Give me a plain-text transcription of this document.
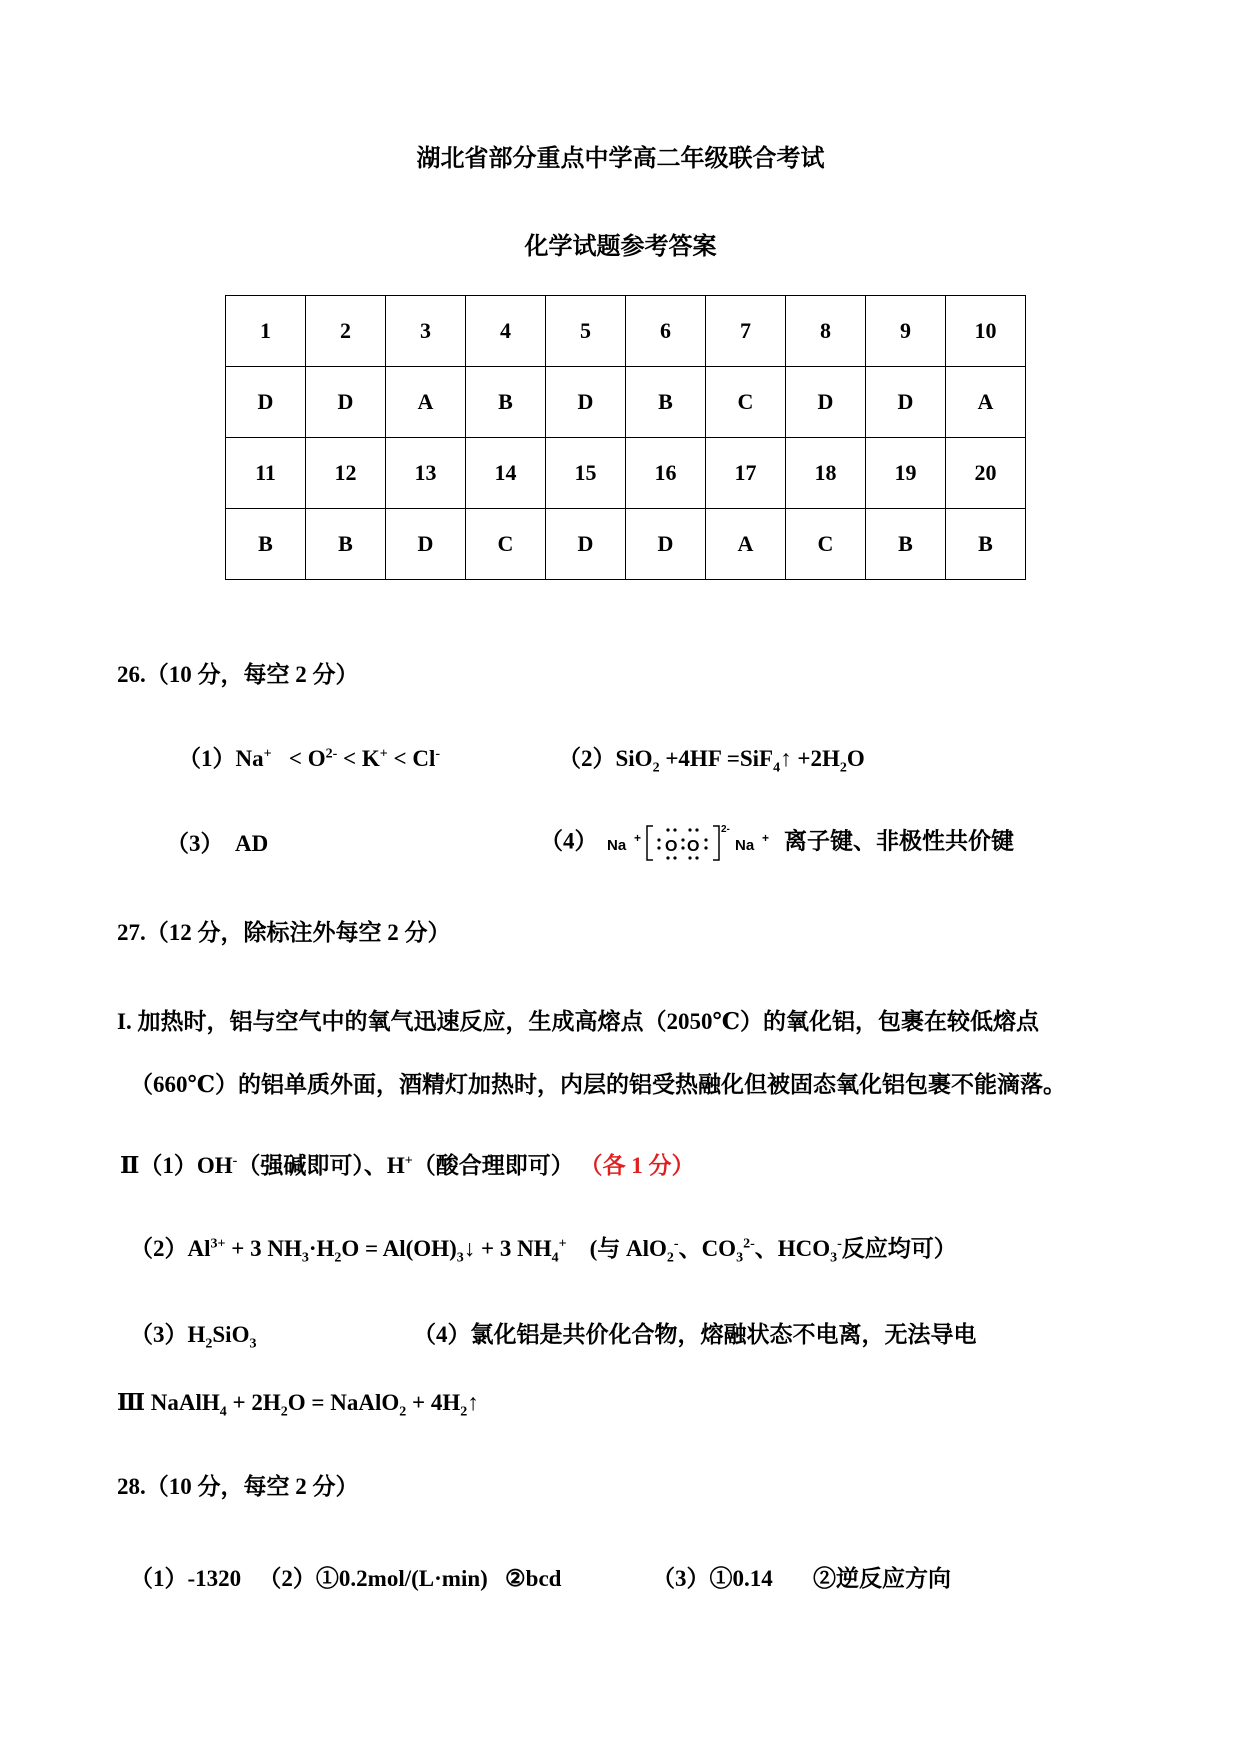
湖北省部分重点中学高二年级联合考试
化学试题参考答案
1	2	3	4	5	6	7	8	9	10
D	D	A	B	D	B	C	D	D	A
11	12	13	14	15	16	17	18	19	20
B	B	D	C	D	D	A	C	B	B
26.（10 分，每空 2 分）
$(1)Na^+ < O^{2-} < K^+ < Cl^-$	（2）SiO$_2$ +4HF =SiF$_4$↑ $+2H_2O$
（3） AD	（4） Na + O O
2-
Na + 离子键、非极性共价键
27.（12 分，除标注外每空 2 分）
I. 加热时，铝与空气中的氧气迅速反应，生成高熔点（2050℃）的氧化铝，包裹在较低熔点
（660℃）的铝单质外面，酒精灯加热时，内层的铝受热融化但被固态氧化铝包裹不能滴落。
Ⅱ（1）OH-（强碱即可）、H+（酸合理即可） （各 1 分）
$(2)Al^{3+} + 3$ $NH_3\cdot H_2O$ = $Al(OH)_3↓ + 3$ $NH_4^+$ (与 AlO$_2$-、$CO_3^{2-}$、$HCO_3^-$反应均可）
$(3)H_2SiO_3$	（4）氯化铝是共价化合物，熔融状态不电离，无法导电
Ⅲ NaAlH$_4$ + $2H_2O$ = NaAlO$_2$ + $4H_2↑$
28.（10 分，每空 2 分）
（1）-1320 （2）①0.2mol/(L·min) ②bcd	（3）①0.14 ②逆反应方向
